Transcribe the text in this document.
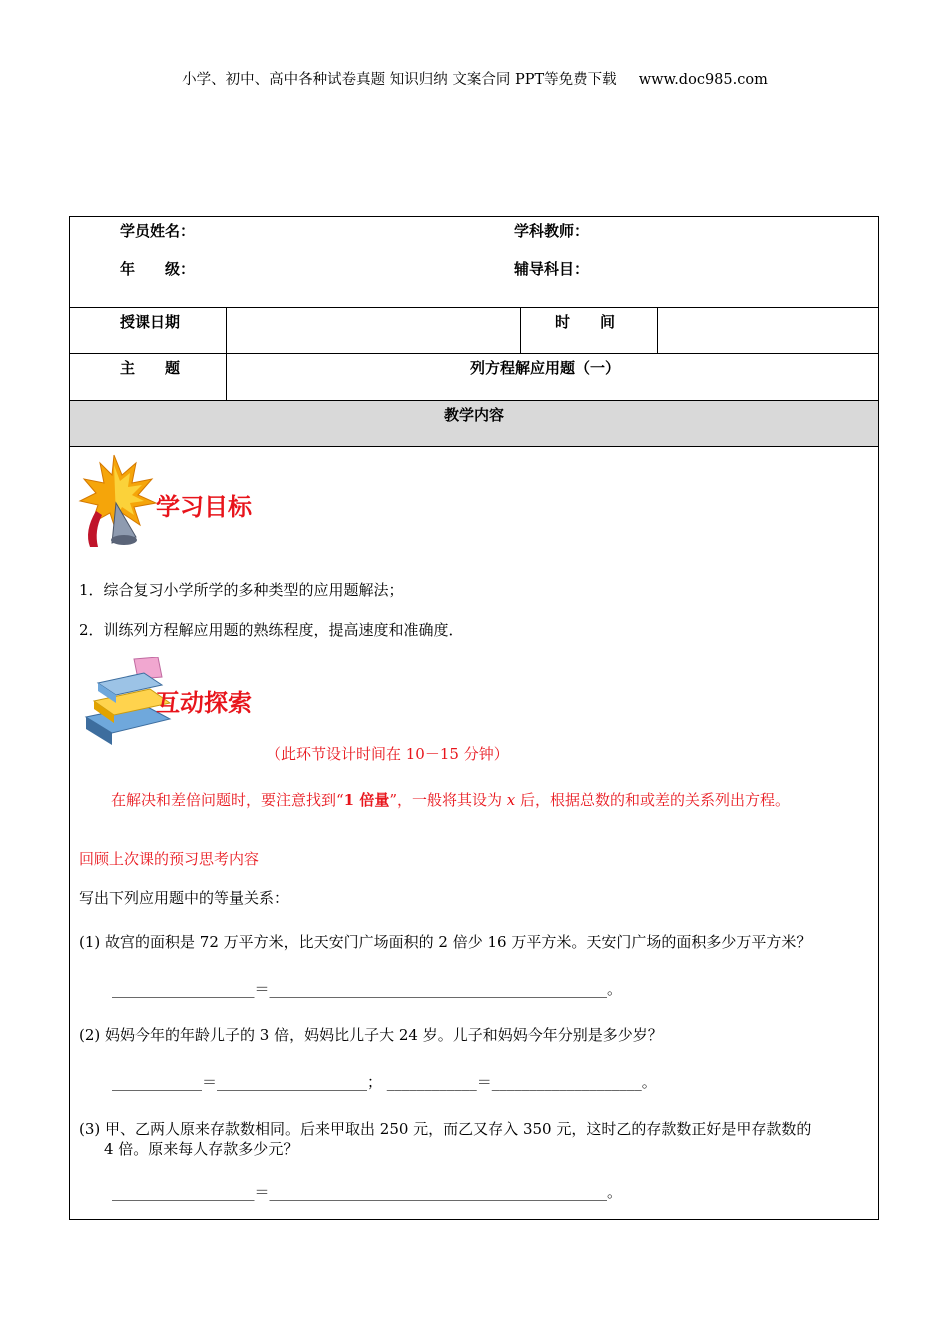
小学、初中、高中各种试卷真题 知识归纳 文案合同 PPT等免费下载 www.doc985.com
学员姓名：	学科教师：
年　　级：	辅导科目：
授课日期	时　　间
主　　题	列方程解应用题（一）
教学内容
学习目标
1．综合复习小学所学的多种类型的应用题解法；
2．训练列方程解应用题的熟练程度，提高速度和准确度．
互动探索
（此环节设计时间在 10－15 分钟）
在解决和差倍问题时，要注意找到“1 倍量”，一般将其设为 x 后，根据总数的和或差的关系列出方程。
回顾上次课的预习思考内容
写出下列应用题中的等量关系：
(1) 故宫的面积是 72 万平方米，比天安门广场面积的 2 倍少 16 万平方米。天安门广场的面积多少万平方米？
___________________＝_____________________________________________。
(2) 妈妈今年的年龄儿子的 3 倍，妈妈比儿子大 24 岁。儿子和妈妈今年分别是多少岁？
____________＝____________________； ____________＝____________________。
(3) 甲、乙两人原来存款数相同。后来甲取出 250 元，而乙又存入 350 元，这时乙的存款数正好是甲存款数的
4 倍。原来每人存款多少元？
___________________＝_____________________________________________。
